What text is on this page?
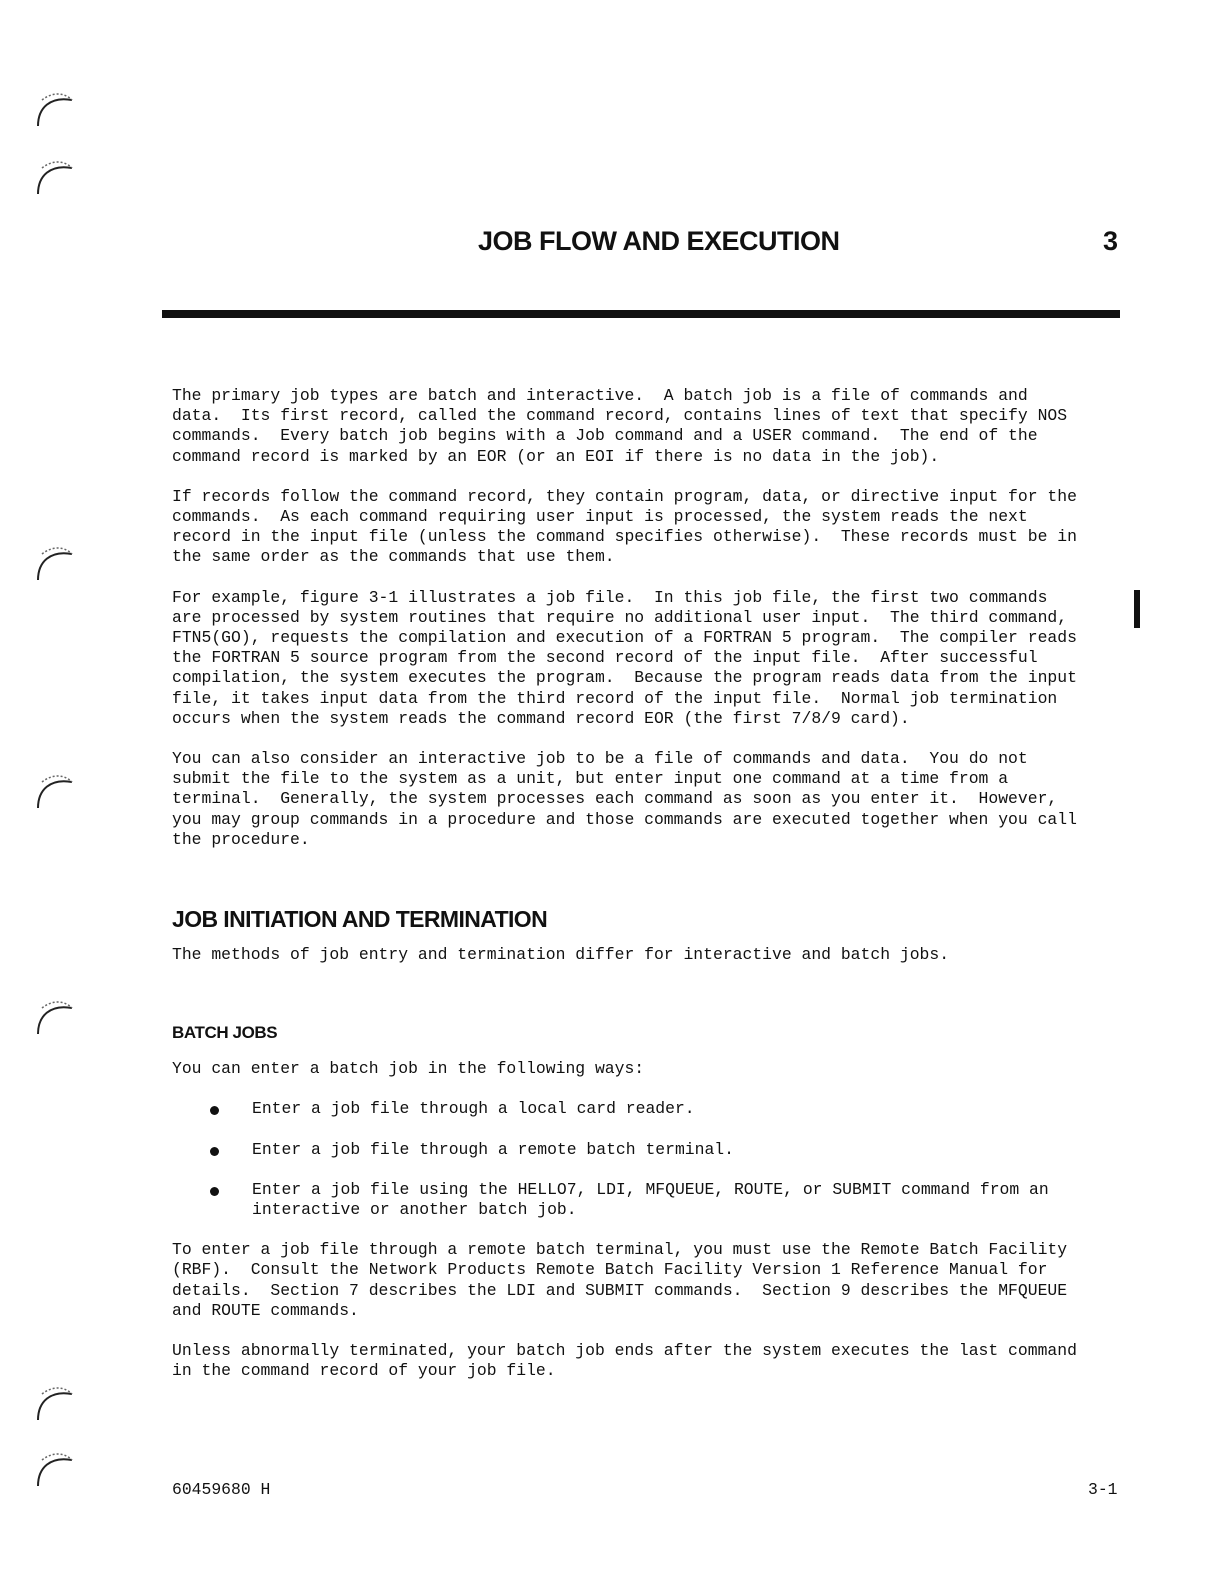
JOB FLOW AND EXECUTION	3

The primary job types are batch and interactive.  A batch job is a file of commands and
data.  Its first record, called the command record, contains lines of text that specify NOS
commands.  Every batch job begins with a Job command and a USER command.  The end of the
command record is marked by an EOR (or an EOI if there is no data in the job).

If records follow the command record, they contain program, data, or directive input for the
commands.  As each command requiring user input is processed, the system reads the next
record in the input file (unless the command specifies otherwise).  These records must be in
the same order as the commands that use them.

For example, figure 3-1 illustrates a job file.  In this job file, the first two commands
are processed by system routines that require no additional user input.  The third command,
FTN5(GO), requests the compilation and execution of a FORTRAN 5 program.  The compiler reads
the FORTRAN 5 source program from the second record of the input file.  After successful
compilation, the system executes the program.  Because the program reads data from the input
file, it takes input data from the third record of the input file.  Normal job termination
occurs when the system reads the command record EOR (the first 7/8/9 card).

You can also consider an interactive job to be a file of commands and data.  You do not
submit the file to the system as a unit, but enter input one command at a time from a
terminal.  Generally, the system processes each command as soon as you enter it.  However,
you may group commands in a procedure and those commands are executed together when you call
the procedure.

JOB INITIATION AND TERMINATION

The methods of job entry and termination differ for interactive and batch jobs.

BATCH JOBS

You can enter a batch job in the following ways:

Enter a job file through a local card reader.

Enter a job file through a remote batch terminal.

Enter a job file using the HELLO7, LDI, MFQUEUE, ROUTE, or SUBMIT command from an
interactive or another batch job.

To enter a job file through a remote batch terminal, you must use the Remote Batch Facility
(RBF).  Consult the Network Products Remote Batch Facility Version 1 Reference Manual for
details.  Section 7 describes the LDI and SUBMIT commands.  Section 9 describes the MFQUEUE
and ROUTE commands.

Unless abnormally terminated, your batch job ends after the system executes the last command
in the command record of your job file.

60459680 H	3-1
